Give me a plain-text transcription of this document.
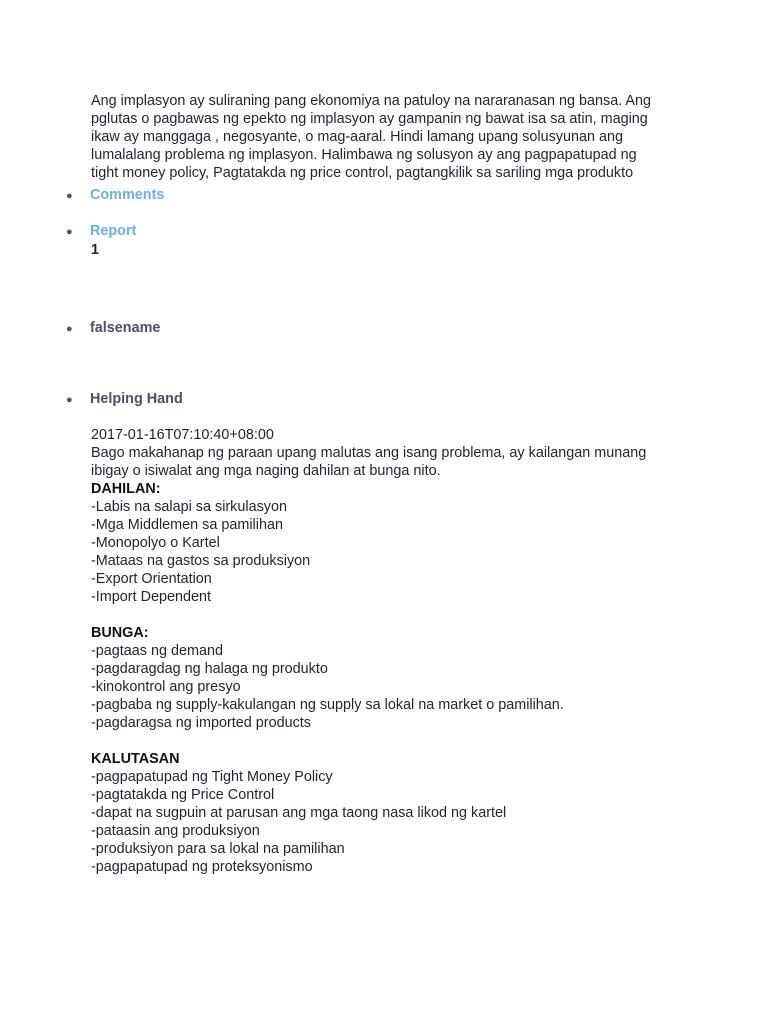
Ang implasyon ay suliraning pang ekonomiya na patuloy na nararanasan ng bansa. Ang
pglutas o pagbawas ng epekto ng implasyon ay gampanin ng bawat isa sa atin, maging
ikaw ay manggaga , negosyante, o mag-aaral. Hindi lamang upang solusyunan ang
lumalalang problema ng implasyon. Halimbawa ng solusyon ay ang pagpapatupad ng
tight money policy, Pagtatakda ng price control, pagtangkilik sa sariling mga produkto
●	Comments
●	Report
1
●	falsename
●	Helping Hand
2017-01-16T07:10:40+08:00
Bago makahanap ng paraan upang malutas ang isang problema, ay kailangan munang
ibigay o isiwalat ang mga naging dahilan at bunga nito.
DAHILAN:
-Labis na salapi sa sirkulasyon
-Mga Middlemen sa pamilihan
-Monopolyo o Kartel
-Mataas na gastos sa produksiyon
-Export Orientation
-Import Dependent
BUNGA:
-pagtaas ng demand
-pagdaragdag ng halaga ng produkto
-kinokontrol ang presyo
-pagbaba ng supply-kakulangan ng supply sa lokal na market o pamilihan.
-pagdaragsa ng imported products
KALUTASAN
-pagpapatupad ng Tight Money Policy
-pagtatakda ng Price Control
-dapat na sugpuin at parusan ang mga taong nasa likod ng kartel
-pataasin ang produksiyon
-produksiyon para sa lokal na pamilihan
-pagpapatupad ng proteksyonismo
